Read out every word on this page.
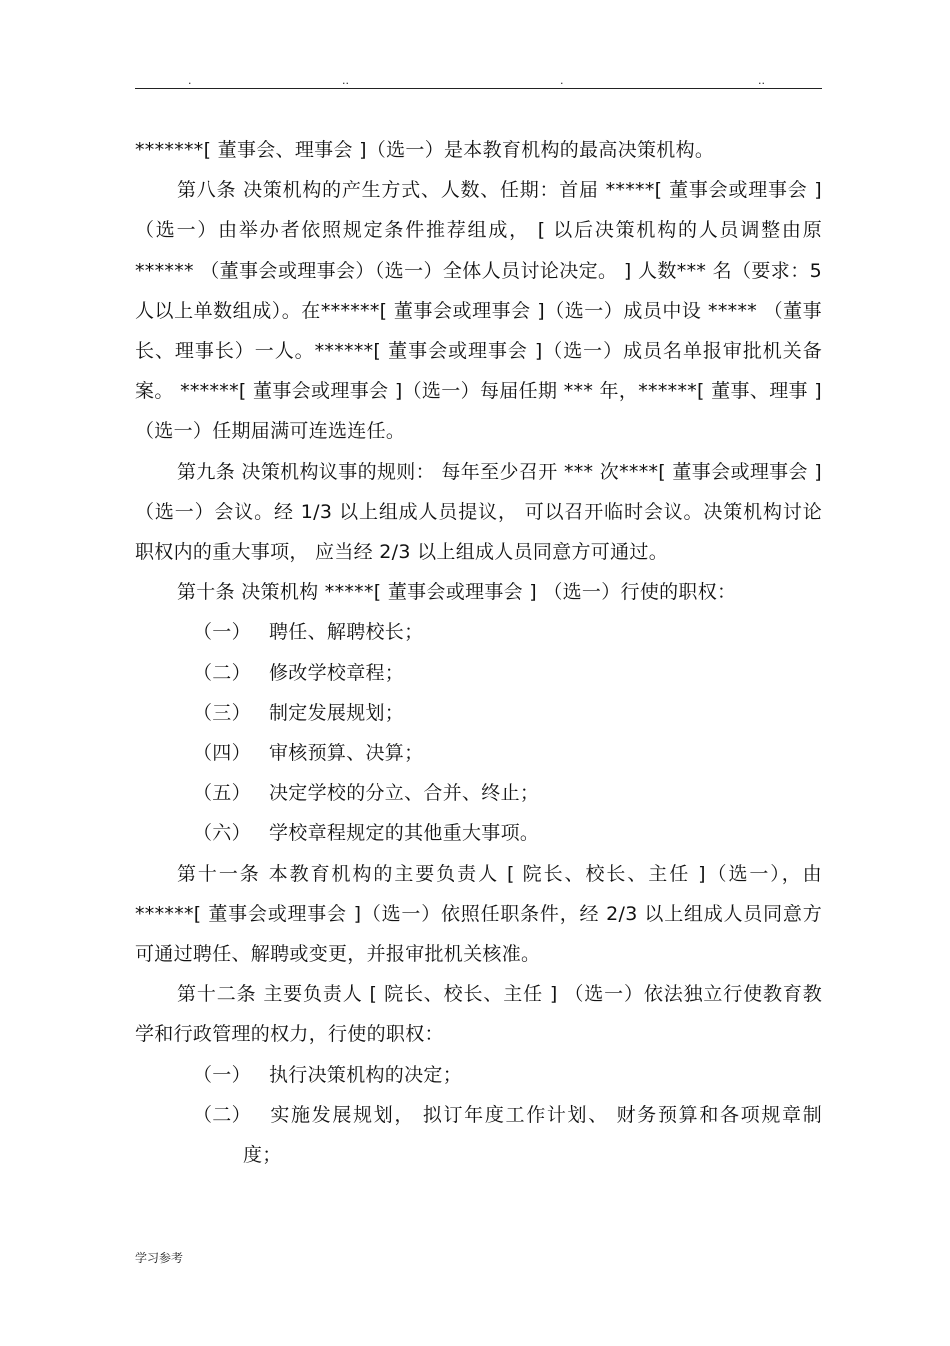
.	..	.	..

*******[ 董事会、理事会 ]（选一）是本教育机构的最高决策机构。

第八条 决策机构的产生方式、人数、任期：首届 *****[ 董事会或理事会 ]（选一）由举办者依照规定条件推荐组成， [ 以后决策机构的人员调整由原 ****** （董事会或理事会）（选一）全体人员讨论决定。 ] 人数*** 名（要求：5 人以上单数组成）。在******[ 董事会或理事会 ]（选一）成员中设 ***** （董事长、理事长）一人。******[ 董事会或理事会 ]（选一）成员名单报审批机关备案。 ******[ 董事会或理事会 ]（选一）每届任期 *** 年，******[ 董事、理事 ] （选一）任期届满可连选连任。

第九条 决策机构议事的规则： 每年至少召开 *** 次****[ 董事会或理事会 ]（选一）会议。经 1/3 以上组成人员提议， 可以召开临时会议。决策机构讨论职权内的重大事项， 应当经 2/3 以上组成人员同意方可通过。

第十条 决策机构 *****[ 董事会或理事会 ] （选一）行使的职权：

（一） 聘任、解聘校长；

（二） 修改学校章程；

（三） 制定发展规划；

（四） 审核预算、决算；

（五） 决定学校的分立、合并、终止；

（六） 学校章程规定的其他重大事项。

第十一条 本教育机构的主要负责人 [ 院长、校长、主任 ]（选一），由******[ 董事会或理事会 ]（选一）依照任职条件，经 2/3 以上组成人员同意方可通过聘任、解聘或变更，并报审批机关核准。

第十二条 主要负责人 [ 院长、校长、主任 ] （选一）依法独立行使教育教学和行政管理的权力，行使的职权：

（一） 执行决策机构的决定；

（二） 实施发展规划， 拟订年度工作计划、 财务预算和各项规章制度；

学习参考
